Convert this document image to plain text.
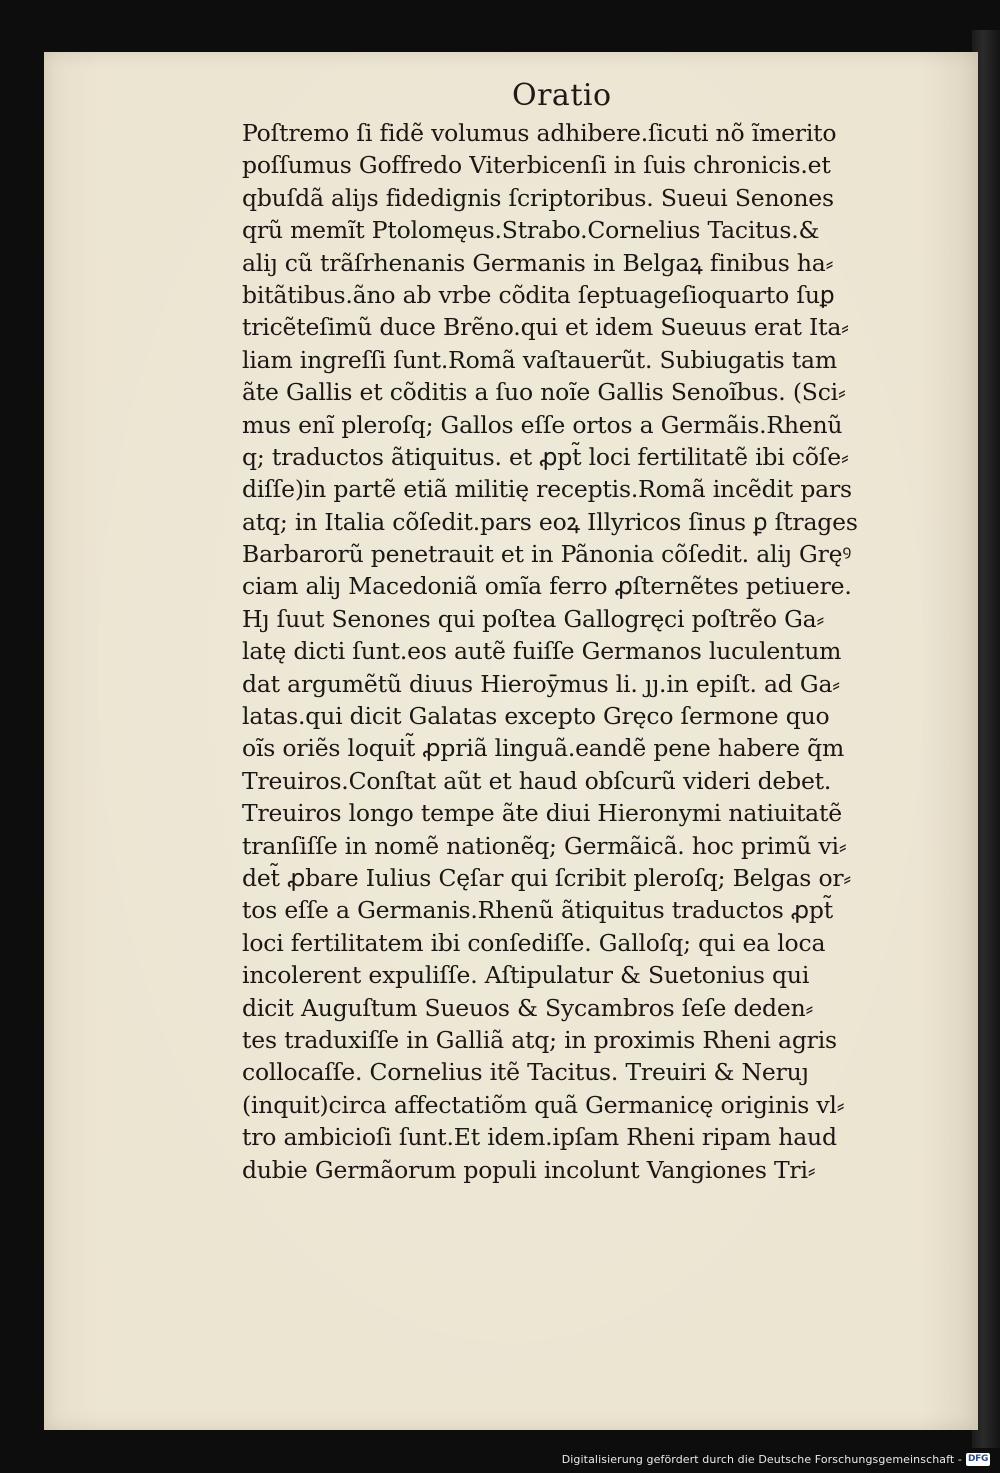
Oratio
Poſtremo ſi fidẽ volumus adhibere.ſicuti nõ ĩmerito
poſſumus Goffredo Viterbicenſi in ſuis chronicis.et
qbuſdã aliȷs fidedignis ſcriptoribus. Sueui Senones
qrũ memĩt Ptolomęus.Strabo.Cornelius Tacitus.&
aliȷ cũ trãſrhenanis Germanis in Belgaꝝ finibus ha⸗
bitãtibus.ãno ab vrbe cõdita ſeptuageſioquarto ſuꝑ
tricẽteſimũ duce Brẽno.qui et idem Sueuus erat Ita⸗
liam ingreſſi ſunt.Romã vaſtauerũt. Subiugatis tam
ãte Gallis et cõditis a ſuo noĩe Gallis Senoĩbus. (Sci⸗
mus enĩ pleroſq; Gallos eſſe ortos a Germãis.Rhenũ
q; traductos ãtiquitus. et ꝓpt̃ loci fertilitatẽ ibi cõſe⸗
diſſe)in partẽ etiã militię receptis.Romã incẽdit pars
atq; in Italia cõſedit.pars eoꝝ Illyricos ſinus ꝑ ſtrages
Barbarorũ penetrauit et in Pãnonia cõſedit. aliȷ Gręꝰ
ciam aliȷ Macedoniã omĩa ferro ꝓſternẽtes petiuere.
Hȷ ſuut Senones qui poſtea Gallogręci poſtrẽo Ga⸗
latę dicti ſunt.eos autẽ fuiſſe Germanos luculentum
dat argumẽtũ diuus Hieroȳmus li. ȷȷ.in epiſt. ad Ga⸗
latas.qui dicit Galatas excepto Gręco ſermone quo
oĩs oriẽs loquit̃ ꝓpriã linguã.eandẽ pene habere q̃m
Treuiros.Conſtat aũt et haud obſcurũ videri debet.
Treuiros longo tempe ãte diui Hieronymi natiuitatẽ
tranſiſſe in nomẽ nationẽq; Germãicã. hoc primũ vi⸗
det̃ ꝓbare Iulius Cęſar qui ſcribit pleroſq; Belgas or⸗
tos eſſe a Germanis.Rhenũ ãtiquitus traductos ꝓpt̃
loci fertilitatem ibi conſediſſe. Galloſq; qui ea loca
incolerent expuliſſe. Aſtipulatur & Suetonius qui
dicit Auguſtum Sueuos & Sycambros ſeſe deden⸗
tes traduxiſſe in Galliã atq; in proximis Rheni agris
collocaſſe. Cornelius itẽ Tacitus. Treuiri & Neruȷ
(inquit)circa affectatiõm quã Germanicę originis vl⸗
tro ambicioſi ſunt.Et idem.ipſam Rheni ripam haud
dubie Germãorum populi incolunt Vangiones Tri⸗
Digitalisierung gefördert durch die Deutsche Forschungsgemeinschaft - DFG
